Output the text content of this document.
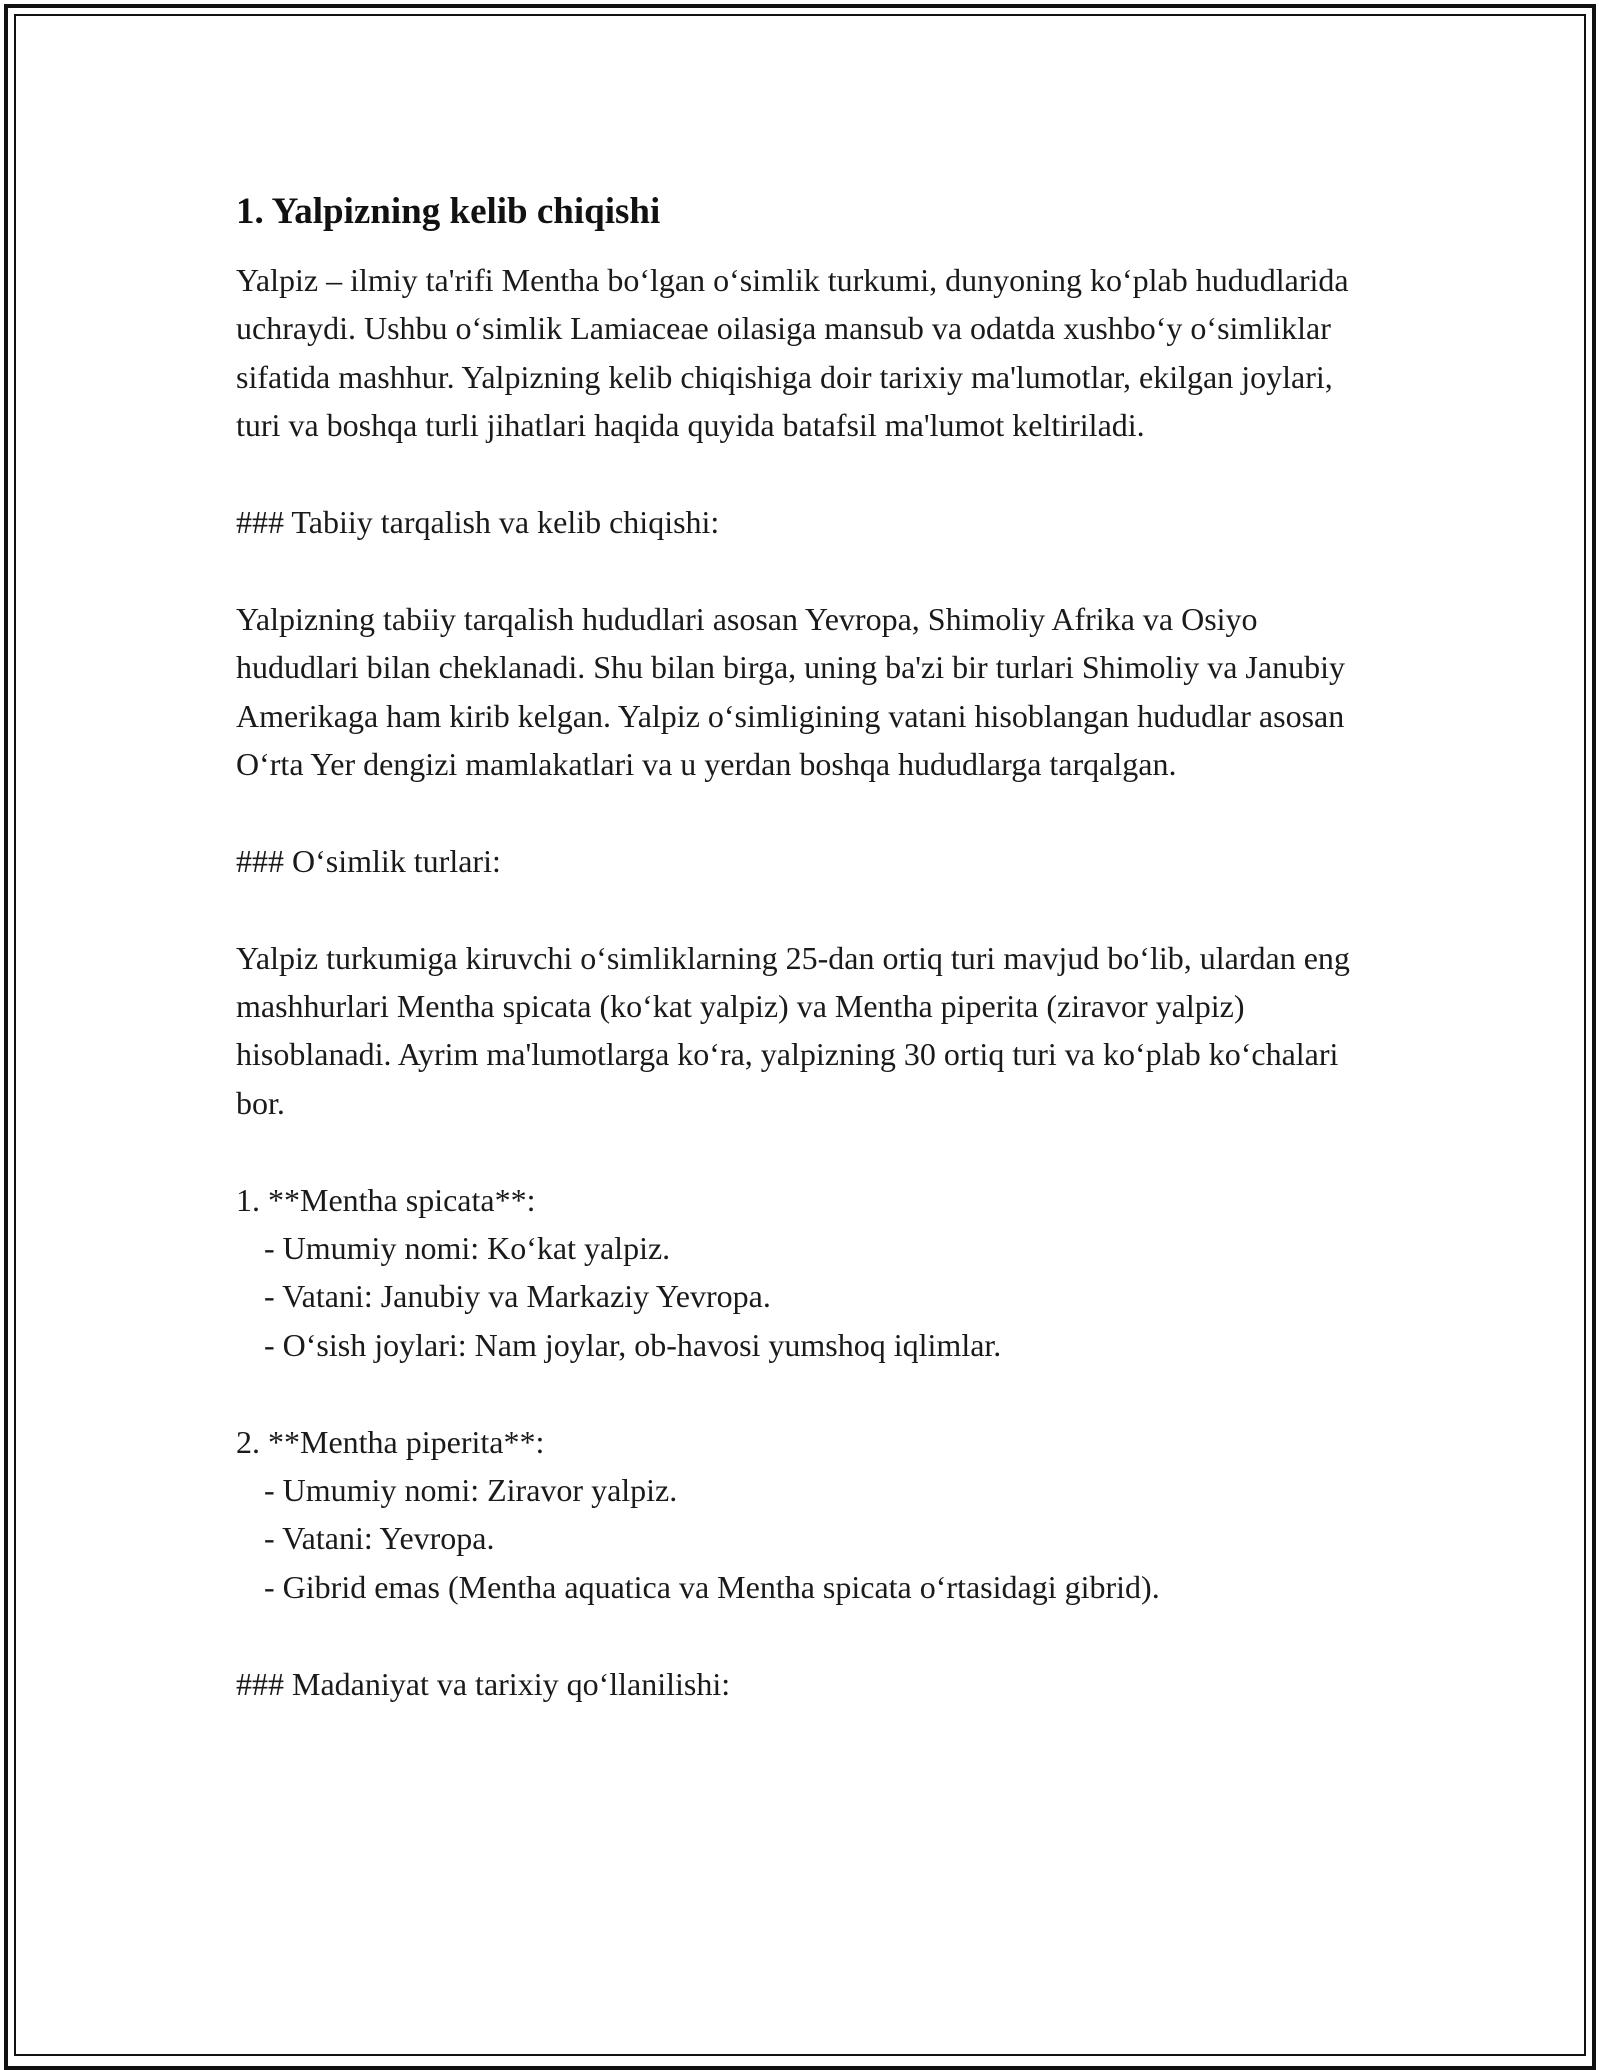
1. Yalpizning kelib chiqishi

Yalpiz – ilmiy ta'rifi Mentha bo‘lgan o‘simlik turkumi, dunyoning ko‘plab hududlarida uchraydi. Ushbu o‘simlik Lamiaceae oilasiga mansub va odatda xushbo‘y o‘simliklar sifatida mashhur. Yalpizning kelib chiqishiga doir tarixiy ma'lumotlar, ekilgan joylari, turi va boshqa turli jihatlari haqida quyida batafsil ma'lumot keltiriladi.

### Tabiiy tarqalish va kelib chiqishi:

Yalpizning tabiiy tarqalish hududlari asosan Yevropa, Shimoliy Afrika va Osiyo hududlari bilan cheklanadi. Shu bilan birga, uning ba'zi bir turlari Shimoliy va Janubiy Amerikaga ham kirib kelgan. Yalpiz o‘simligining vatani hisoblangan hududlar asosan O‘rta Yer dengizi mamlakatlari va u yerdan boshqa hududlarga tarqalgan.

### O‘simlik turlari:

Yalpiz turkumiga kiruvchi o‘simliklarning 25-dan ortiq turi mavjud bo‘lib, ulardan eng mashhurlari Mentha spicata (ko‘kat yalpiz) va Mentha piperita (ziravor yalpiz) hisoblanadi. Ayrim ma'lumotlarga ko‘ra, yalpizning 30 ortiq turi va ko‘plab ko‘chalari bor.

1. **Mentha spicata**:
- Umumiy nomi: Ko‘kat yalpiz.
- Vatani: Janubiy va Markaziy Yevropa.
- O‘sish joylari: Nam joylar, ob-havosi yumshoq iqlimlar.
2. **Mentha piperita**:
- Umumiy nomi: Ziravor yalpiz.
- Vatani: Yevropa.
- Gibrid emas (Mentha aquatica va Mentha spicata o‘rtasidagi gibrid).

### Madaniyat va tarixiy qo‘llanilishi:
